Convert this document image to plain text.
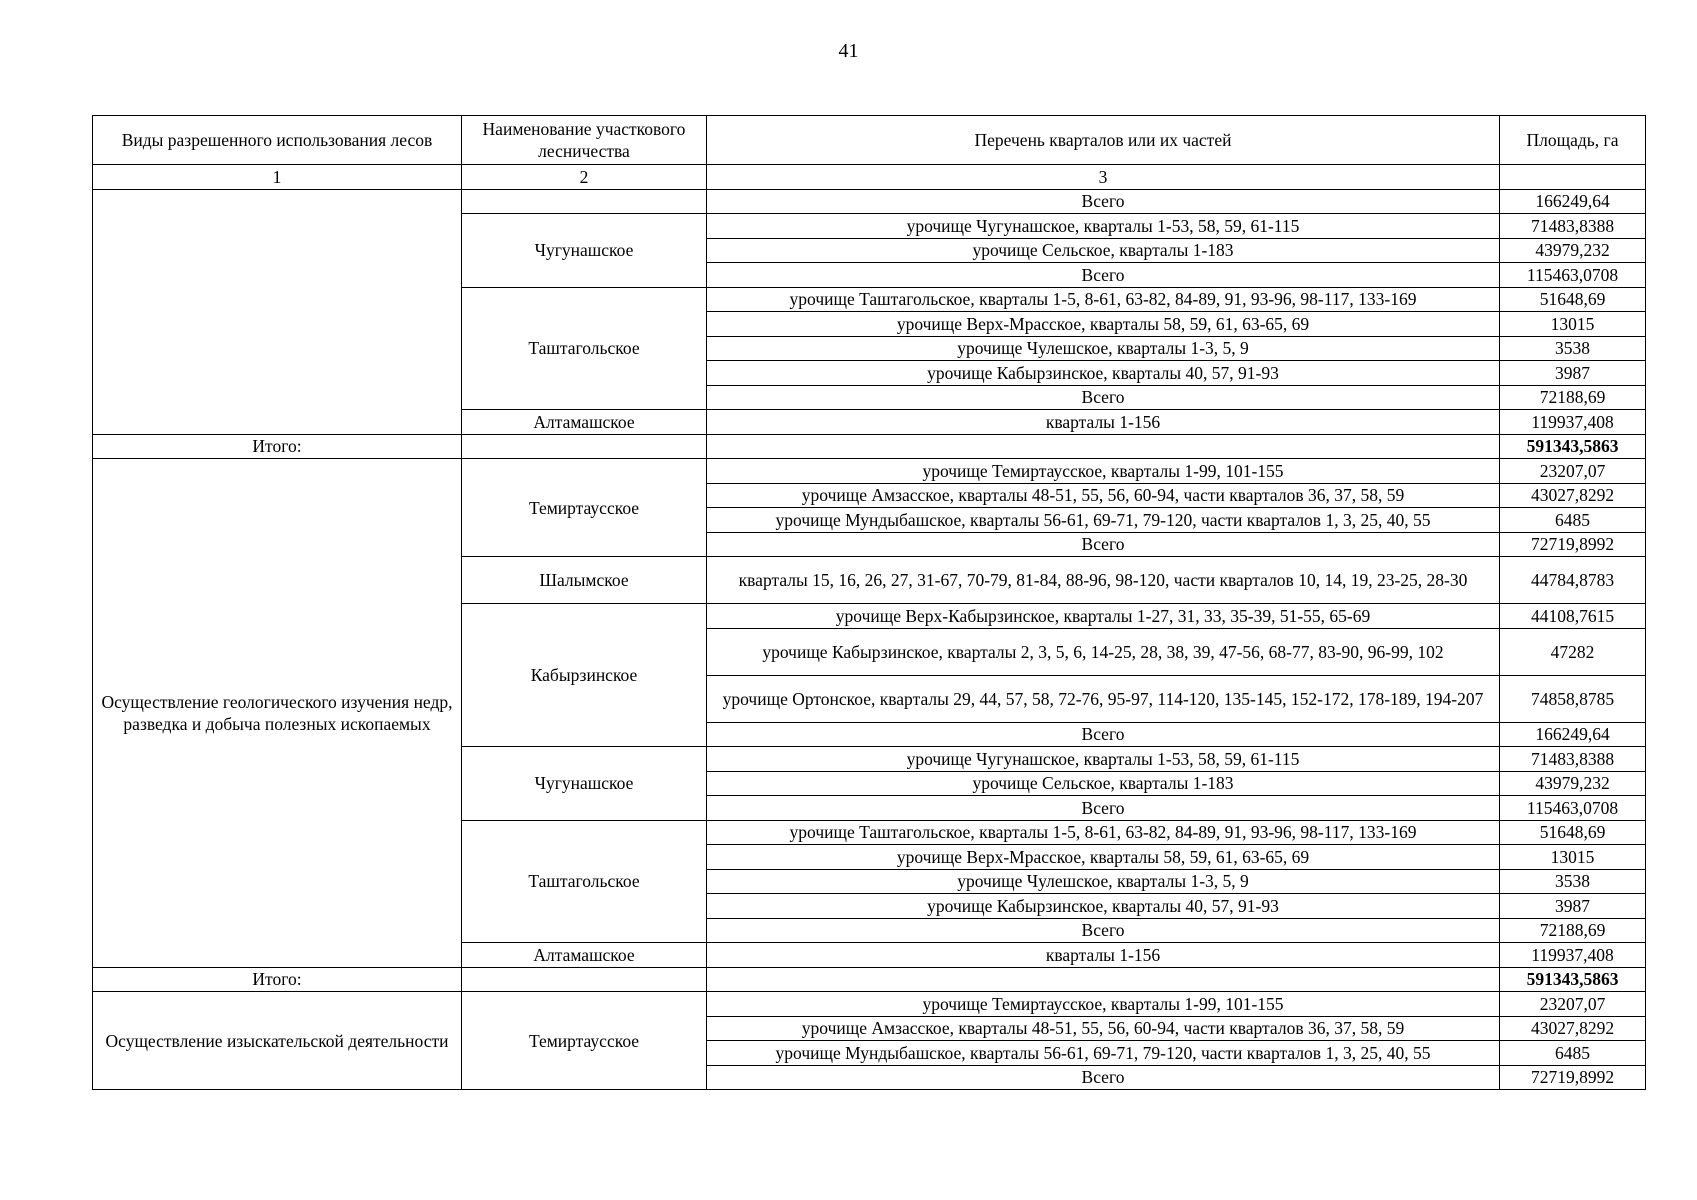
41
Виды разрешенного использования лесов	Наименование участкового лесничества	Перечень кварталов или их частей	Площадь, га
1	2	3	
		Всего	166249,64
	Чугунашское	урочище Чугунашское, кварталы 1-53, 58, 59, 61-115	71483,8388
		урочище Сельское, кварталы 1-183	43979,232
		Всего	115463,0708
	Таштагольское	урочище Таштагольское, кварталы 1-5, 8-61, 63-82, 84-89, 91, 93-96, 98-117, 133-169	51648,69
		урочище Верх-Мрасское, кварталы 58, 59, 61, 63-65, 69	13015
		урочище Чулешское, кварталы 1-3, 5, 9	3538
		урочище Кабырзинское, кварталы 40, 57, 91-93	3987
		Всего	72188,69
	Алтамашское	кварталы 1-156	119937,408
Итого:			591343,5863
Осуществление геологического изучения недр, разведка и добыча полезных ископаемых	Темиртаусское	урочище Темиртаусское, кварталы 1-99, 101-155	23207,07
		урочище Амзасское, кварталы 48-51, 55, 56, 60-94, части кварталов 36, 37, 58, 59	43027,8292
		урочище Мундыбашское, кварталы 56-61, 69-71, 79-120, части кварталов 1, 3, 25, 40, 55	6485
		Всего	72719,8992
	Шалымское	кварталы 15, 16, 26, 27, 31-67, 70-79, 81-84, 88-96, 98-120, части кварталов 10, 14, 19, 23-25, 28-30	44784,8783
	Кабырзинское	урочище Верх-Кабырзинское, кварталы 1-27, 31, 33, 35-39, 51-55, 65-69	44108,7615
		урочище Кабырзинское, кварталы 2, 3, 5, 6, 14-25, 28, 38, 39, 47-56, 68-77, 83-90, 96-99, 102	47282
		урочище Ортонское, кварталы 29, 44, 57, 58, 72-76, 95-97, 114-120, 135-145, 152-172, 178-189, 194-207	74858,8785
		Всего	166249,64
	Чугунашское	урочище Чугунашское, кварталы 1-53, 58, 59, 61-115	71483,8388
		урочище Сельское, кварталы 1-183	43979,232
		Всего	115463,0708
	Таштагольское	урочище Таштагольское, кварталы 1-5, 8-61, 63-82, 84-89, 91, 93-96, 98-117, 133-169	51648,69
		урочище Верх-Мрасское, кварталы 58, 59, 61, 63-65, 69	13015
		урочище Чулешское, кварталы 1-3, 5, 9	3538
		урочище Кабырзинское, кварталы 40, 57, 91-93	3987
		Всего	72188,69
	Алтамашское	кварталы 1-156	119937,408
Итого:			591343,5863
Осуществление изыскательской деятельности	Темиртаусское	урочище Темиртаусское, кварталы 1-99, 101-155	23207,07
		урочище Амзасское, кварталы 48-51, 55, 56, 60-94, части кварталов 36, 37, 58, 59	43027,8292
		урочище Мундыбашское, кварталы 56-61, 69-71, 79-120, части кварталов 1, 3, 25, 40, 55	6485
		Всего	72719,8992
